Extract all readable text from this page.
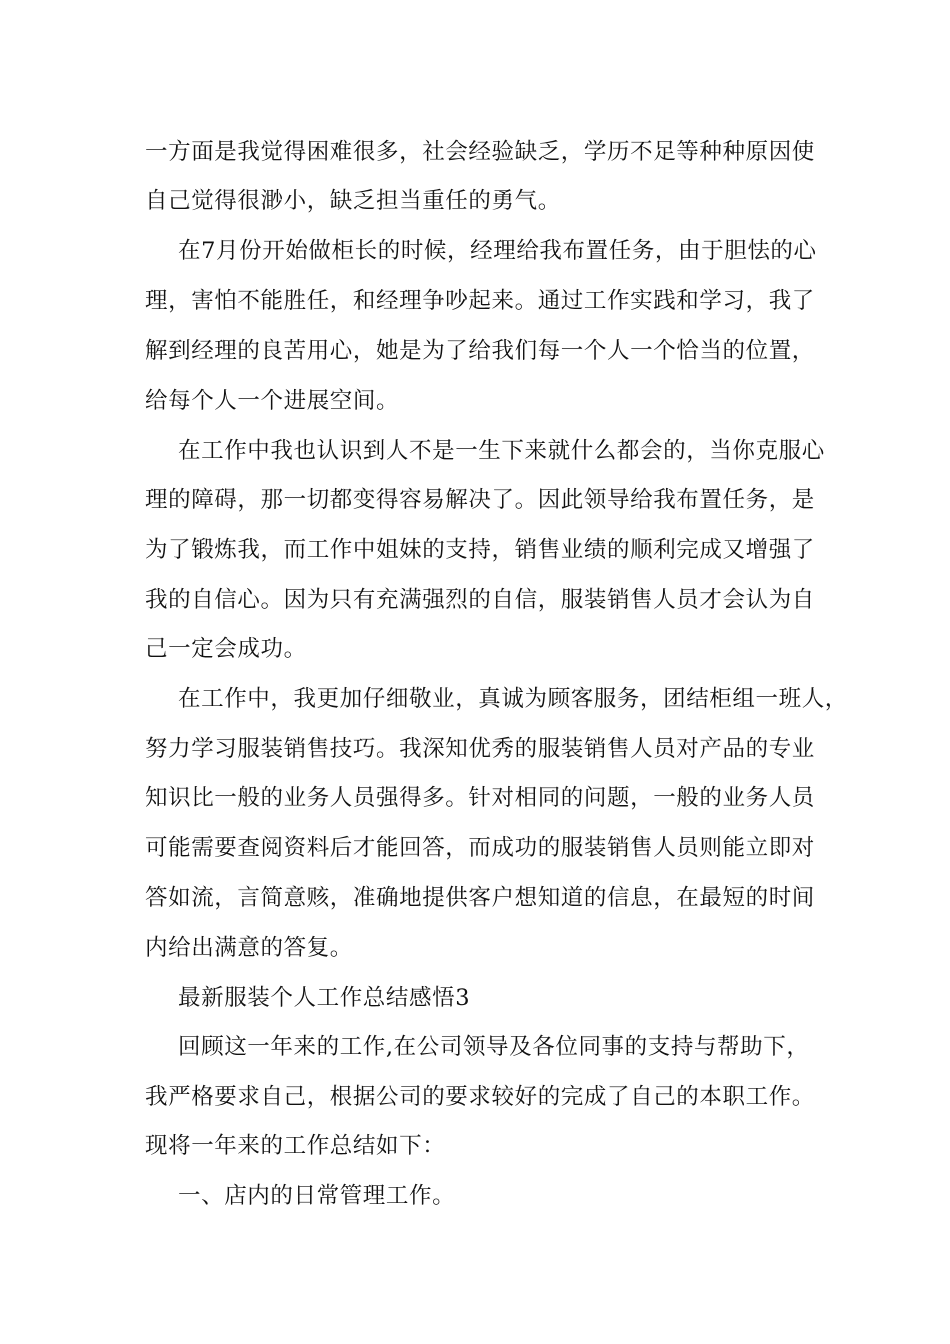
一方面是我觉得困难很多，社会经验缺乏，学历不足等种种原因使
自己觉得很渺小，缺乏担当重任的勇气。
在7月份开始做柜长的时候，经理给我布置任务，由于胆怯的心
理，害怕不能胜任，和经理争吵起来。通过工作实践和学习，我了
解到经理的良苦用心，她是为了给我们每一个人一个恰当的位置，
给每个人一个进展空间。
在工作中我也认识到人不是一生下来就什么都会的，当你克服心
理的障碍，那一切都变得容易解决了。因此领导给我布置任务，是
为了锻炼我，而工作中姐妹的支持，销售业绩的顺利完成又增强了
我的自信心。因为只有充满强烈的自信，服装销售人员才会认为自
己一定会成功。
在工作中，我更加仔细敬业，真诚为顾客服务，团结柜组一班人，
努力学习服装销售技巧。我深知优秀的服装销售人员对产品的专业
知识比一般的业务人员强得多。针对相同的问题，一般的业务人员
可能需要查阅资料后才能回答，而成功的服装销售人员则能立即对
答如流，言简意赅，准确地提供客户想知道的信息，在最短的时间
内给出满意的答复。
最新服装个人工作总结感悟3
回顾这一年来的工作,在公司领导及各位同事的支持与帮助下，
我严格要求自己，根据公司的要求较好的完成了自己的本职工作。
现将一年来的工作总结如下：
一、店内的日常管理工作。
